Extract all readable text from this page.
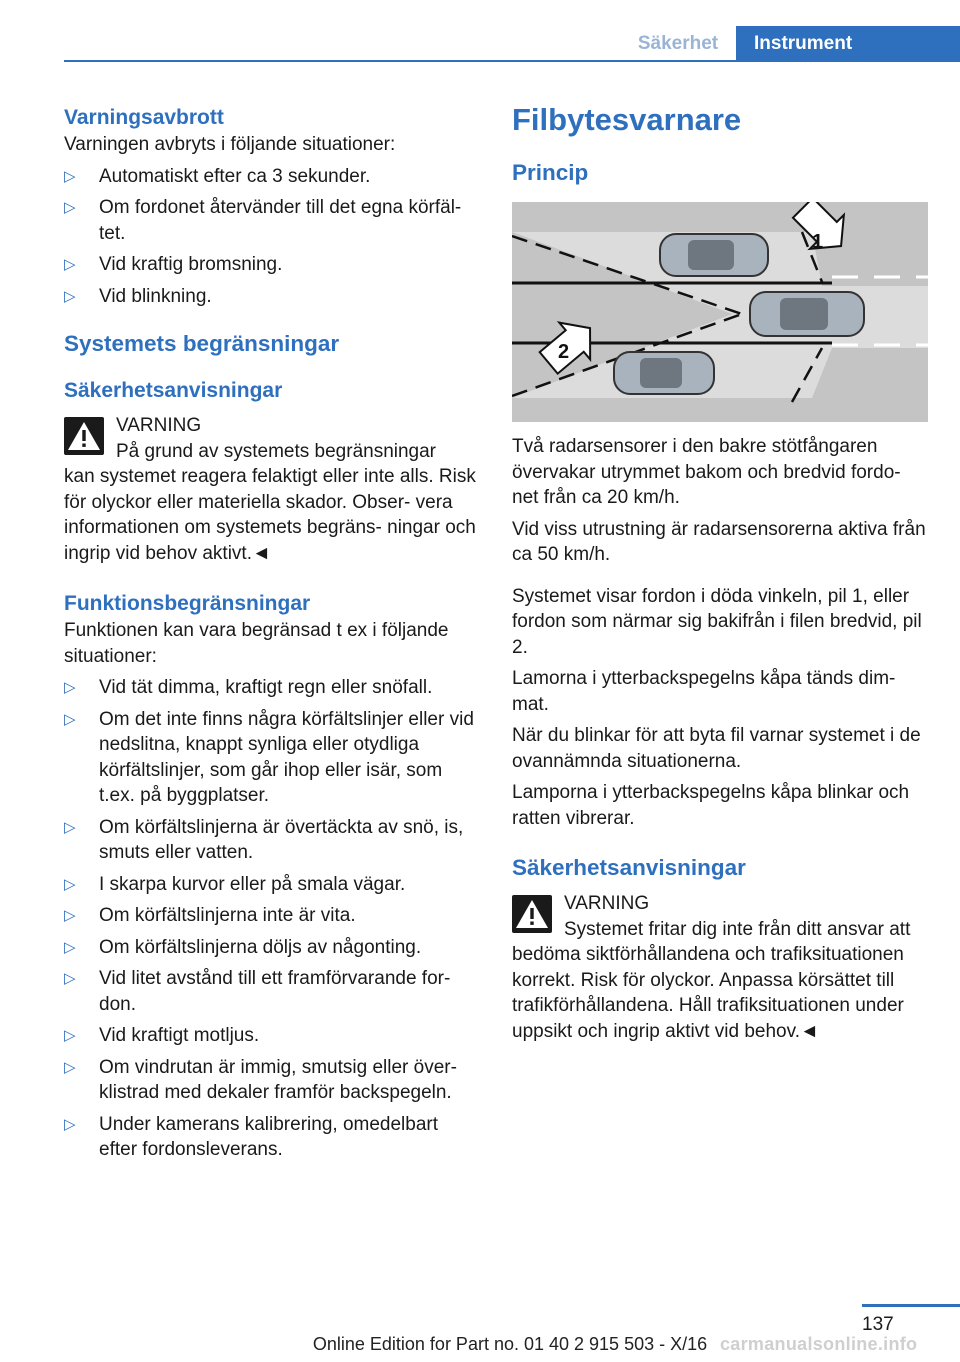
Säkerhet	Instrument
Varningsavbrott

Varningen avbryts i följande situationer:

▷ Automatiskt efter ca 3 sekunder.
▷ Om fordonet återvänder till det egna körfäl‐ tet.
▷ Vid kraftig bromsning.
▷ Vid blinkning.
Systemets begränsningar
Säkerhetsanvisningar
VARNING
På grund av systemets begränsningar
kan systemet reagera felaktigt eller inte alls. Risk för olyckor eller materiella skador. Obser‐ vera informationen om systemets begräns‐ ningar och ingrip vid behov aktivt.◄
Funktionsbegränsningar

Funktionen kan vara begränsad t ex i följande situationer:

▷ Vid tät dimma, kraftigt regn eller snöfall.
▷ Om det inte finns några körfältslinjer eller vid nedslitna, knappt synliga eller otydliga körfältslinjer, som går ihop eller isär, som t.ex. på byggplatser.
▷ Om körfältslinjerna är övertäckta av snö, is, smuts eller vatten.
▷ I skarpa kurvor eller på smala vägar.
▷ Om körfältslinjerna inte är vita.
▷ Om körfältslinjerna döljs av någonting.
▷ Vid litet avstånd till ett framförvarande for‐ don.
▷ Vid kraftigt motljus.
▷ Om vindrutan är immig, smutsig eller över‐ klistrad med dekaler framför backspegeln.
▷ Under kamerans kalibrering, omedelbart efter fordonsleverans.
Filbytesvarnare
Princip
1
2

Två radarsensorer i den bakre stötfångaren övervakar utrymmet bakom och bredvid fordo‐ net från ca 20 km/h.

Vid viss utrustning är radarsensorerna aktiva från ca 50 km/h.

Systemet visar fordon i döda vinkeln, pil 1, eller fordon som närmar sig bakifrån i filen bredvid, pil 2.

Lamorna i ytterbackspegelns kåpa tänds dim‐ mat.

När du blinkar för att byta fil varnar systemet i de ovannämnda situationerna.

Lamporna i ytterbackspegelns kåpa blinkar och ratten vibrerar.

Säkerhetsanvisningar
VARNING
Systemet fritar dig inte från ditt ansvar att
bedöma siktförhållandena och trafiksituationen korrekt. Risk för olyckor. Anpassa körsättet till trafikförhållandena. Håll trafiksituationen under uppsikt och ingrip aktivt vid behov.◄
137
Online Edition for Part no. 01 40 2 915 503 - X/16 carmanualsonline.info
